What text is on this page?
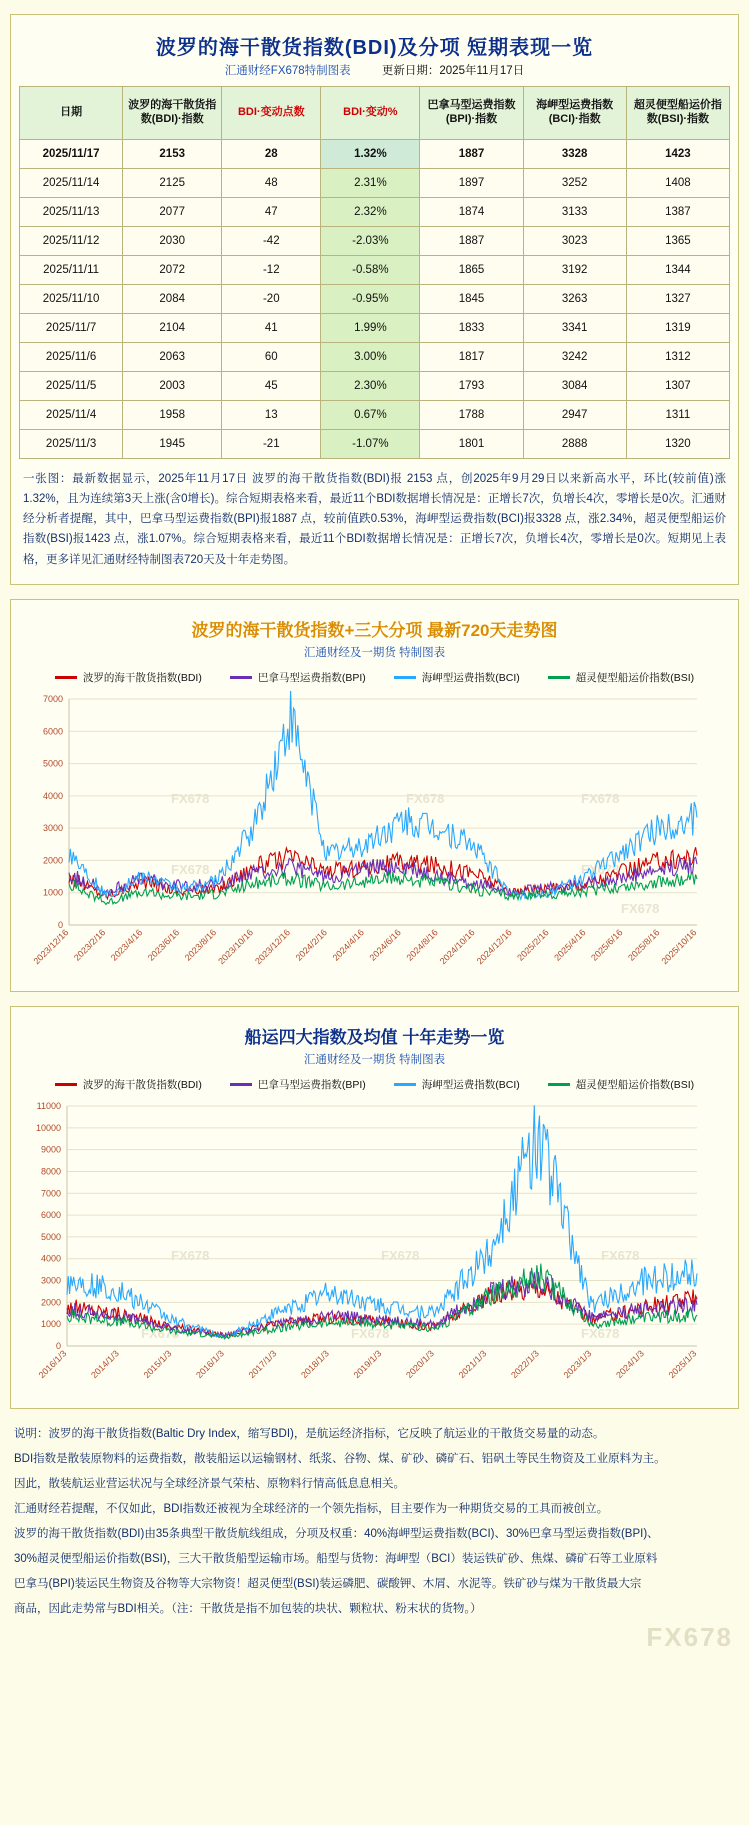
波罗的海干散货指数(BDI)及分项 短期表现一览
汇通财经FX678特制图表	更新日期：2025年11月17日
日期	波罗的海干散货指数(BDI)·指数	BDI·变动点数	BDI·变动%	巴拿马型运费指数(BPI)·指数	海岬型运费指数(BCI)·指数	超灵便型船运价指数(BSI)·指数
2025/11/17	2153	28	1.32%	1887	3328	1423
2025/11/14	2125	48	2.31%	1897	3252	1408
2025/11/13	2077	47	2.32%	1874	3133	1387
2025/11/12	2030	-42	-2.03%	1887	3023	1365
2025/11/11	2072	-12	-0.58%	1865	3192	1344
2025/11/10	2084	-20	-0.95%	1845	3263	1327
2025/11/7	2104	41	1.99%	1833	3341	1319
2025/11/6	2063	60	3.00%	1817	3242	1312
2025/11/5	2003	45	2.30%	1793	3084	1307
2025/11/4	1958	13	0.67%	1788	2947	1311
2025/11/3	1945	-21	-1.07%	1801	2888	1320
一张图：最新数据显示，2025年11月17日 波罗的海干散货指数(BDI)报 2153 点，创2025年9月29日以来新高水平，环比(较前值)涨1.32%，且为连续第3天上涨(含0增长)。综合短期表格来看，最近11个BDI数据增长情况是：正增长7次，负增长4次，零增长是0次。汇通财经分析者提醒，其中，巴拿马型运费指数(BPI)报1887 点，较前值跌0.53%，海岬型运费指数(BCI)报3328 点，涨2.34%，超灵便型船运价指数(BSI)报1423 点，涨1.07%。综合短期表格来看，最近11个BDI数据增长情况是：正增长7次，负增长4次，零增长是0次。短期见上表格，更多详见汇通财经特制图表720天及十年走势图。
波罗的海干散货指数+三大分项 最新720天走势图
汇通财经及一期货 特制图表
波罗的海干散货指数(BDI)	巴拿马型运费指数(BPI)	海岬型运费指数(BCI)	超灵便型船运价指数(BSI)
0
1000
2000
3000
4000
5000
6000
7000
FX678	FX678	FX678
FX678	FX678	FX678
FX678
2023/12/16 2023/2/16 2023/4/16 2023/6/16 2023/8/16
2023/10/16
2023/12/16 2024/2/16 2024/4/16 2024/6/16 2024/8/16
2024/10/16
2024/12/16 2025/2/16 2025/4/16 2025/6/16 2025/8/16
2025/10/16
船运四大指数及均值 十年走势一览
汇通财经及一期货 特制图表
波罗的海干散货指数(BDI)	巴拿马型运费指数(BPI)	海岬型运费指数(BCI)	超灵便型船运价指数(BSI)
0
1000
2000
3000
4000
5000
6000
7000
8000
9000
10000
11000
FX678	FX678	FX678
FX678	FX678	FX678
2016/1/3 2014/1/3 2015/1/3 2016/1/3 2017/1/3 2018/1/3 2019/1/3 2020/1/3 2021/1/3 2022/1/3 2023/1/3 2024/1/3 2025/1/3

说明：波罗的海干散货指数(Baltic Dry Index，缩写BDI)，是航运经济指标，它反映了航运业的干散货交易量的动态。

BDI指数是散装原物料的运费指数，散装船运以运输钢材、纸浆、谷物、煤、矿砂、磷矿石、铝矾土等民生物资及工业原料为主。

因此，散装航运业营运状况与全球经济景气荣枯、原物料行情高低息息相关。

汇通财经若提醒，不仅如此，BDI指数还被视为全球经济的一个领先指标，目主要作为一种期货交易的工具而被创立。

波罗的海干散货指数(BDI)由35条典型干散货航线组成，分项及权重：40%海岬型运费指数(BCI)、30%巴拿马型运费指数(BPI)、

30%超灵便型船运价指数(BSI)，三大干散货船型运输市场。船型与货物：海岬型（BCI）装运铁矿砂、焦煤、磷矿石等工业原料

巴拿马(BPI)装运民生物资及谷物等大宗物资！超灵便型(BSI)装运磷肥、碳酸钾、木屑、水泥等。铁矿砂与煤为干散货最大宗

商品，因此走势常与BDI相关。（注：干散货是指不加包装的块状、颗粒状、粉末状的货物。）

FX678
